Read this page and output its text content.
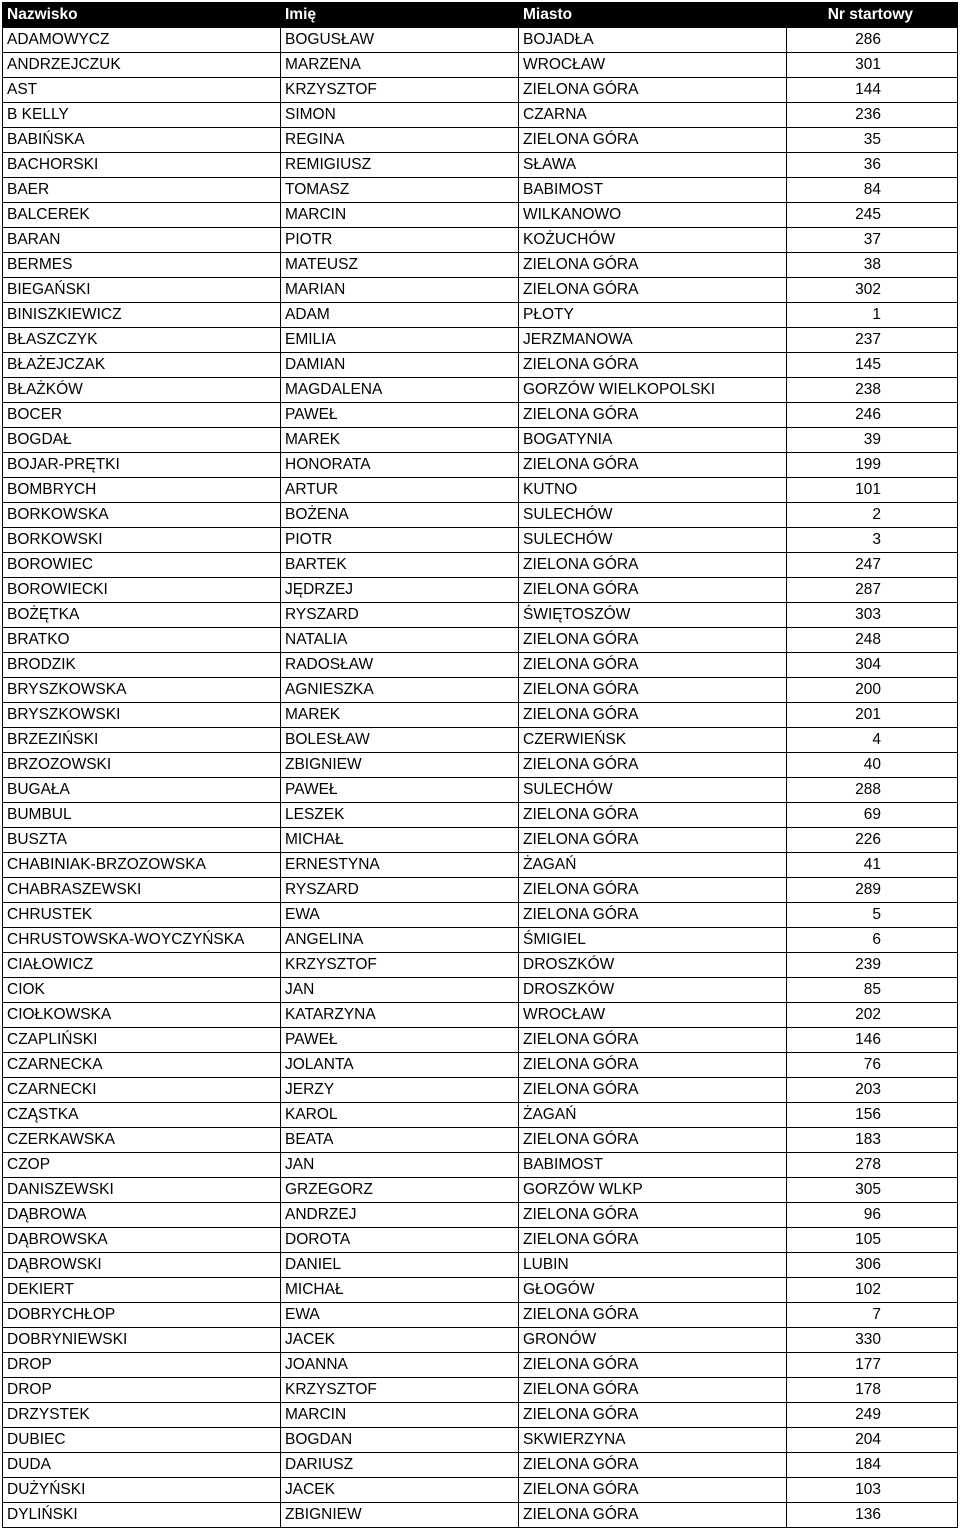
Nazwisko	Imię	Miasto	Nr startowy
ADAMOWYCZ	BOGUSŁAW	BOJADŁA	286
ANDRZEJCZUK	MARZENA	WROCŁAW	301
AST	KRZYSZTOF	ZIELONA GÓRA	144
B KELLY	SIMON	CZARNA	236
BABIŃSKA	REGINA	ZIELONA GÓRA	35
BACHORSKI	REMIGIUSZ	SŁAWA	36
BAER	TOMASZ	BABIMOST	84
BALCEREK	MARCIN	WILKANOWO	245
BARAN	PIOTR	KOŻUCHÓW	37
BERMES	MATEUSZ	ZIELONA GÓRA	38
BIEGAŃSKI	MARIAN	ZIELONA GÓRA	302
BINISZKIEWICZ	ADAM	PŁOTY	1
BŁASZCZYK	EMILIA	JERZMANOWA	237
BŁAŻEJCZAK	DAMIAN	ZIELONA GÓRA	145
BŁAŻKÓW	MAGDALENA	GORZÓW WIELKOPOLSKI	238
BOCER	PAWEŁ	ZIELONA GÓRA	246
BOGDAŁ	MAREK	BOGATYNIA	39
BOJAR-PRĘTKI	HONORATA	ZIELONA GÓRA	199
BOMBRYCH	ARTUR	KUTNO	101
BORKOWSKA	BOŻENA	SULECHÓW	2
BORKOWSKI	PIOTR	SULECHÓW	3
BOROWIEC	BARTEK	ZIELONA GÓRA	247
BOROWIECKI	JĘDRZEJ	ZIELONA GÓRA	287
BOŻĘTKA	RYSZARD	ŚWIĘTOSZÓW	303
BRATKO	NATALIA	ZIELONA GÓRA	248
BRODZIK	RADOSŁAW	ZIELONA GÓRA	304
BRYSZKOWSKA	AGNIESZKA	ZIELONA GÓRA	200
BRYSZKOWSKI	MAREK	ZIELONA GÓRA	201
BRZEZIŃSKI	BOLESŁAW	CZERWIEŃSK	4
BRZOZOWSKI	ZBIGNIEW	ZIELONA GÓRA	40
BUGAŁA	PAWEŁ	SULECHÓW	288
BUMBUL	LESZEK	ZIELONA GÓRA	69
BUSZTA	MICHAŁ	ZIELONA GÓRA	226
CHABINIAK-BRZOZOWSKA	ERNESTYNA	ŻAGAŃ	41
CHABRASZEWSKI	RYSZARD	ZIELONA GÓRA	289
CHRUSTEK	EWA	ZIELONA GÓRA	5
CHRUSTOWSKA-WOYCZYŃSKA	ANGELINA	ŚMIGIEL	6
CIAŁOWICZ	KRZYSZTOF	DROSZKÓW	239
CIOK	JAN	DROSZKÓW	85
CIOŁKOWSKA	KATARZYNA	WROCŁAW	202
CZAPLIŃSKI	PAWEŁ	ZIELONA GÓRA	146
CZARNECKA	JOLANTA	ZIELONA GÓRA	76
CZARNECKI	JERZY	ZIELONA GÓRA	203
CZĄSTKA	KAROL	ŻAGAŃ	156
CZERKAWSKA	BEATA	ZIELONA GÓRA	183
CZOP	JAN	BABIMOST	278
DANISZEWSKI	GRZEGORZ	GORZÓW WLKP	305
DĄBROWA	ANDRZEJ	ZIELONA GÓRA	96
DĄBROWSKA	DOROTA	ZIELONA GÓRA	105
DĄBROWSKI	DANIEL	LUBIN	306
DEKIERT	MICHAŁ	GŁOGÓW	102
DOBRYCHŁOP	EWA	ZIELONA GÓRA	7
DOBRYNIEWSKI	JACEK	GRONÓW	330
DROP	JOANNA	ZIELONA GÓRA	177
DROP	KRZYSZTOF	ZIELONA GÓRA	178
DRZYSTEK	MARCIN	ZIELONA GÓRA	249
DUBIEC	BOGDAN	SKWIERZYNA	204
DUDA	DARIUSZ	ZIELONA GÓRA	184
DUŻYŃSKI	JACEK	ZIELONA GÓRA	103
DYLIŃSKI	ZBIGNIEW	ZIELONA GÓRA	136
